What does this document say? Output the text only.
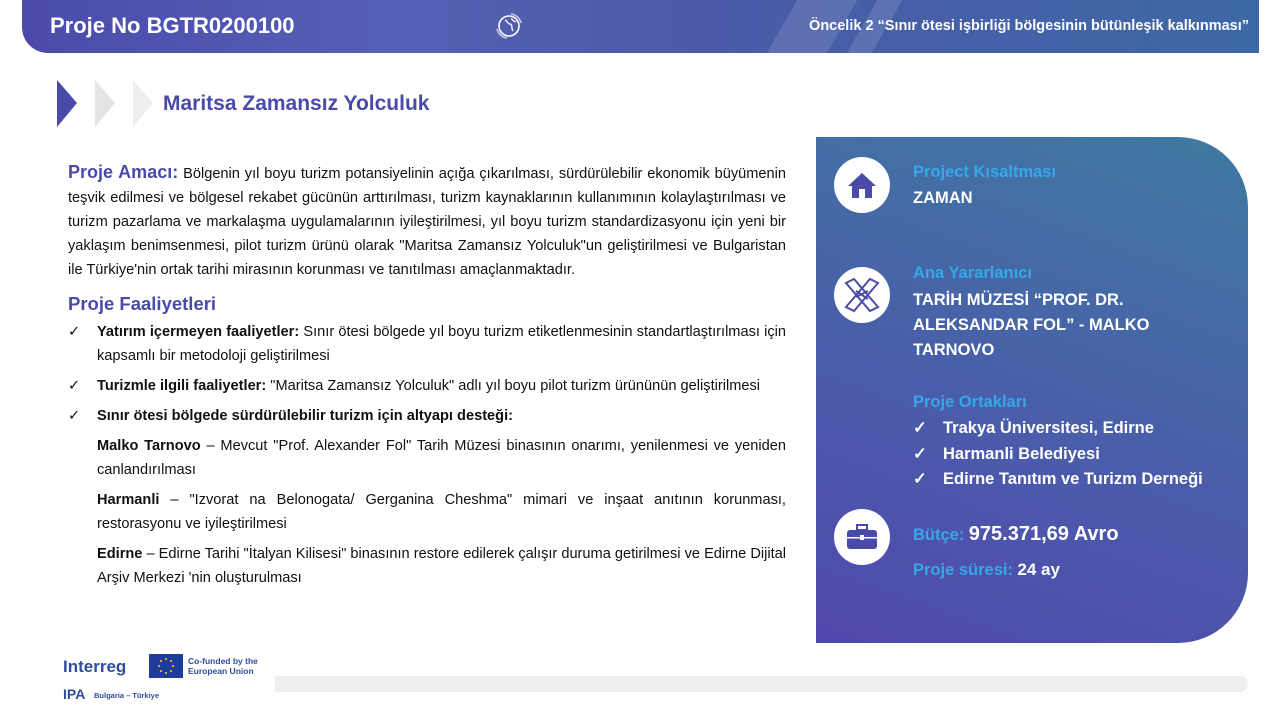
Proje No BGTR0200100	Öncelik 2 “Sınır ötesi işbirliği bölgesinin bütünleşik kalkınması”
Maritsa Zamansız Yolculuk

Proje Amacı: Bölgenin yıl boyu turizm potansiyelinin açığa çıkarılması, sürdürülebilir ekonomik büyümenin teşvik edilmesi ve bölgesel rekabet gücünün arttırılması, turizm kaynaklarının kullanımının kolaylaştırılması ve turizm pazarlama ve markalaşma uygulamalarının iyileştirilmesi, yıl boyu turizm standardizasyonu için yeni bir yaklaşım benimsenmesi, pilot turizm ürünü olarak "Maritsa Zamansız Yolculuk"un geliştirilmesi ve Bulgaristan ile Türkiye'nin ortak tarihi mirasının korunması ve tanıtılması amaçlanmaktadır.

Proje Faaliyetleri
✓ Yatırım içermeyen faaliyetler: Sınır ötesi bölgede yıl boyu turizm etiketlenmesinin standartlaştırılması için kapsamlı bir metodoloji geliştirilmesi
✓ Turizmle ilgili faaliyetler: "Maritsa Zamansız Yolculuk" adlı yıl boyu pilot turizm ürününün geliştirilmesi
✓ Sınır ötesi bölgede sürdürülebilir turizm için altyapı desteği:
Malko Tarnovo – Mevcut "Prof. Alexander Fol" Tarih Müzesi binasının onarımı, yenilenmesi ve yeniden canlandırılması
Harmanli – "Izvorat na Belonogata/ Gerganina Cheshma" mimari ve inşaat anıtının korunması, restorasyonu ve iyileştirilmesi
Edirne – Edirne Tarihi "İtalyan Kilisesi" binasının restore edilerek çalışır duruma getirilmesi ve Edirne Dijital Arşiv Merkezi 'nin oluşturulması
Project Kısaltması
ZAMAN
Ana Yararlanıcı
TARİH MÜZESİ “PROF. DR. ALEKSANDAR FOL” - MALKO TARNOVO
Proje Ortakları
✓ Trakya Üniversitesi, Edirne
✓ Harmanli Belediyesi
✓ Edirne Tanıtım ve Turizm Derneği
Bütçe: 975.371,69 Avro
Proje süresi: 24 ay
Interreg	Co-funded by the European Union
IPA Bulgaria – Türkiye
